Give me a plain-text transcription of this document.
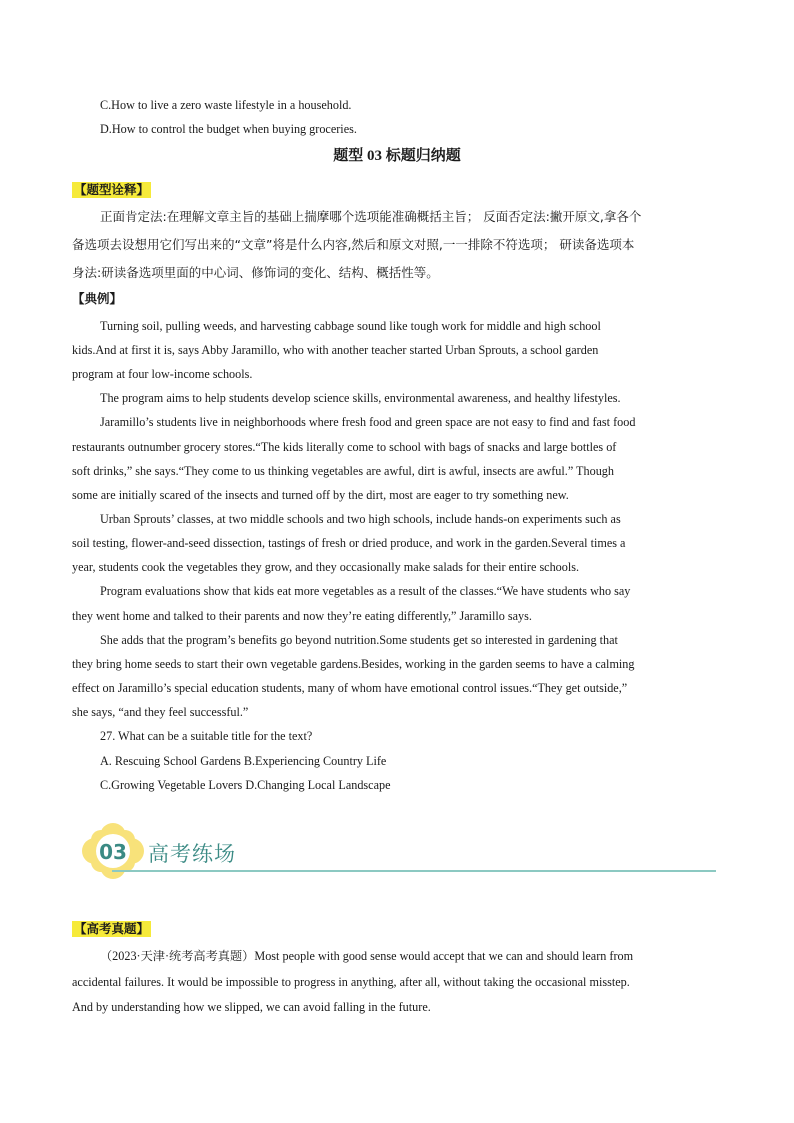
C.How to live a zero waste lifestyle in a household.
D.How to control the budget when buying groceries.
题型 03 标题归纳题
【题型诠释】
正面肯定法:在理解文章主旨的基础上揣摩哪个选项能准确概括主旨； 反面否定法:撇开原文,拿各个
备选项去设想用它们写出来的“文章”将是什么内容,然后和原文对照,一一排除不符选项； 研读备选项本
身法:研读备选项里面的中心词、修饰词的变化、结构、概括性等。
【典例】
Turning soil, pulling weeds, and harvesting cabbage sound like tough work for middle and high school
kids.And at first it is, says Abby Jaramillo, who with another teacher started Urban Sprouts, a school garden
program at four low-income schools.
The program aims to help students develop science skills, environmental awareness, and healthy lifestyles.
Jaramillo’s students live in neighborhoods where fresh food and green space are not easy to find and fast food
restaurants outnumber grocery stores.“The kids literally come to school with bags of snacks and large bottles of
soft drinks,” she says.“They come to us thinking vegetables are awful, dirt is awful, insects are awful.” Though
some are initially scared of the insects and turned off by the dirt, most are eager to try something new.
Urban Sprouts’ classes, at two middle schools and two high schools, include hands-on experiments such as
soil testing, flower-and-seed dissection, tastings of fresh or dried produce, and work in the garden.Several times a
year, students cook the vegetables they grow, and they occasionally make salads for their entire schools.
Program evaluations show that kids eat more vegetables as a result of the classes.“We have students who say
they went home and talked to their parents and now they’re eating differently,” Jaramillo says.
She adds that the program’s benefits go beyond nutrition.Some students get so interested in gardening that
they bring home seeds to start their own vegetable gardens.Besides, working in the garden seems to have a calming
effect on Jaramillo’s special education students, many of whom have emotional control issues.“They get outside,”
she says, “and they feel successful.”
27. What can be a suitable title for the text?
A. Rescuing School Gardens B.Experiencing Country Life
C.Growing Vegetable Lovers D.Changing Local Landscape
03 高考练场
【高考真题】
（2023·天津·统考高考真题）Most people with good sense would accept that we can and should learn from
accidental failures. It would be impossible to progress in anything, after all, without taking the occasional misstep.
And by understanding how we slipped, we can avoid falling in the future.
